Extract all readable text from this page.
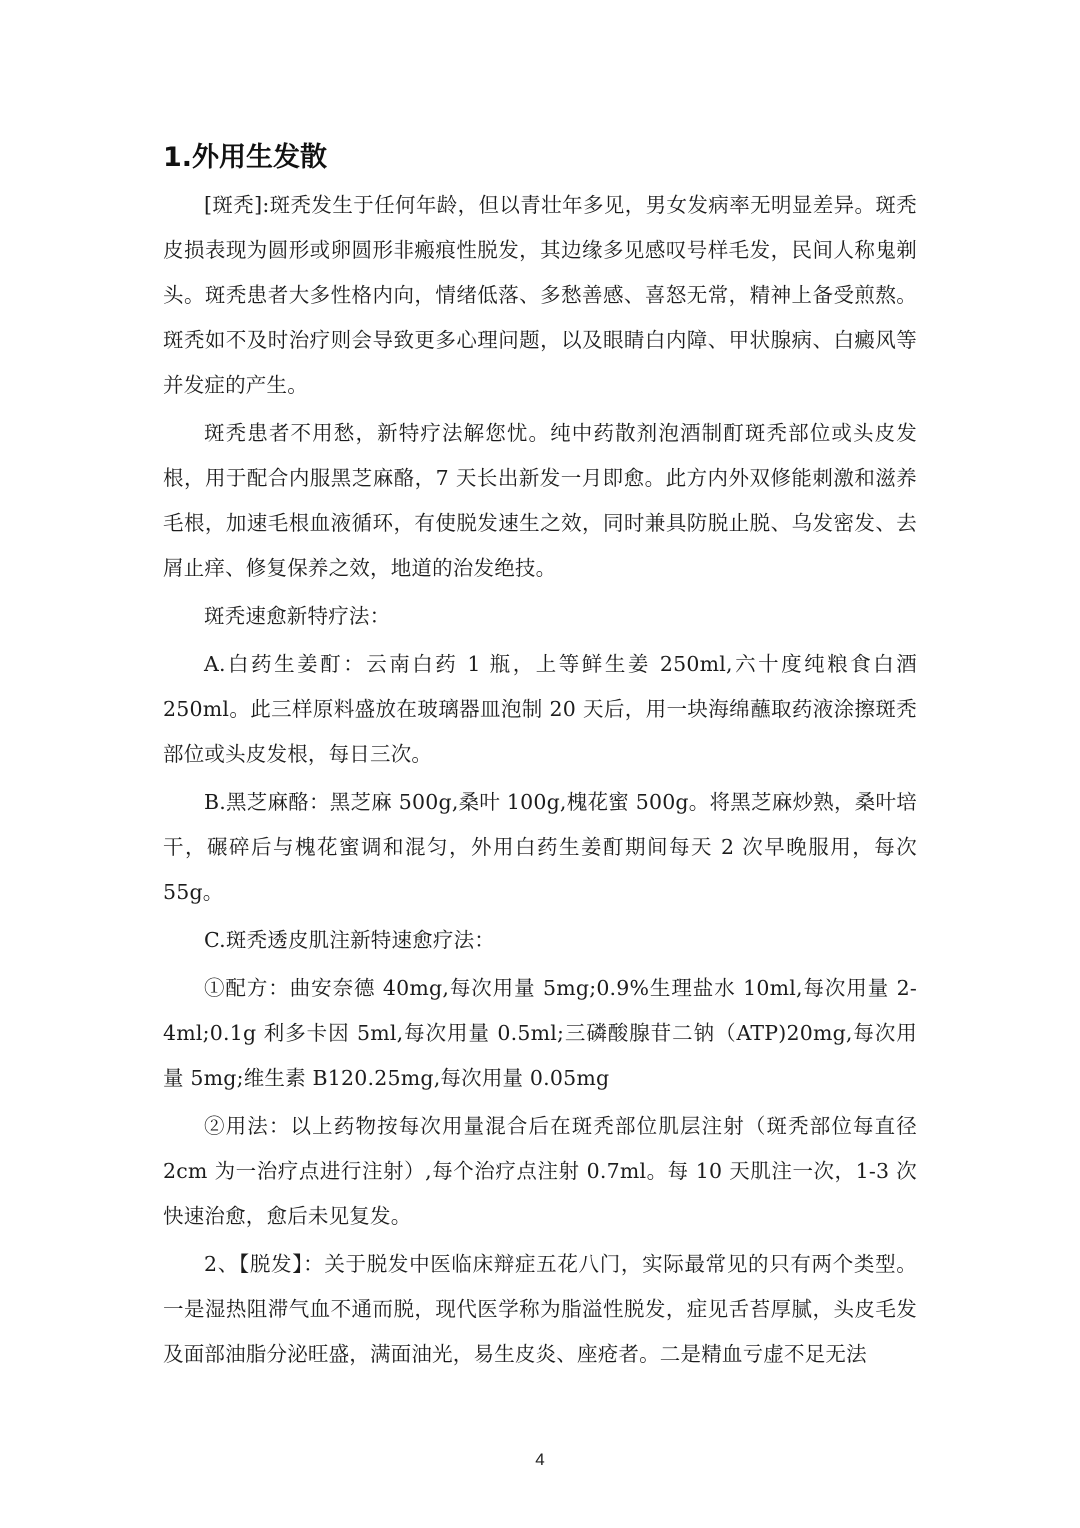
1.外用生发散

[斑秃]:斑秃发生于任何年龄，但以青壮年多见，男女发病率无明显差异。斑秃皮损表现为圆形或卵圆形非瘢痕性脱发，其边缘多见感叹号样毛发，民间人称鬼剃头。斑秃患者大多性格内向，情绪低落、多愁善感、喜怒无常，精神上备受煎熬。斑秃如不及时治疗则会导致更多心理问题，以及眼睛白内障、甲状腺病、白癜风等并发症的产生。

斑秃患者不用愁，新特疗法解您忧。纯中药散剂泡酒制酊斑秃部位或头皮发根，用于配合内服黑芝麻酪，7 天长出新发一月即愈。此方内外双修能刺激和滋养毛根，加速毛根血液循环，有使脱发速生之效，同时兼具防脱止脱、乌发密发、去屑止痒、修复保养之效，地道的治发绝技。

斑秃速愈新特疗法：

A.白药生姜酊：云南白药 1 瓶，上等鲜生姜 250ml,六十度纯粮食白酒 250ml。此三样原料盛放在玻璃器皿泡制 20 天后，用一块海绵蘸取药液涂擦斑秃部位或头皮发根，每日三次。

B.黑芝麻酪：黑芝麻 500g,桑叶 100g,槐花蜜 500g。将黑芝麻炒熟，桑叶培干，碾碎后与槐花蜜调和混匀，外用白药生姜酊期间每天 2 次早晚服用，每次55g。

C.斑秃透皮肌注新特速愈疗法：

①配方：曲安奈德 40mg,每次用量 5mg;0.9%生理盐水 10ml,每次用量 2-4ml;0.1g 利多卡因 5ml,每次用量 0.5ml;三磷酸腺苷二钠（ATP)20mg,每次用量 5mg;维生素 B120.25mg,每次用量 0.05mg

②用法：以上药物按每次用量混合后在斑秃部位肌层注射（斑秃部位每直径 2cm 为一治疗点进行注射）,每个治疗点注射 0.7ml。每 10 天肌注一次，1-3 次快速治愈，愈后未见复发。

2、【脱发】：关于脱发中医临床辩症五花八门，实际最常见的只有两个类型。一是湿热阻滞气血不通而脱，现代医学称为脂溢性脱发，症见舌苔厚腻，头皮毛发及面部油脂分泌旺盛，满面油光，易生皮炎、座疮者。二是精血亏虚不足无法

4
